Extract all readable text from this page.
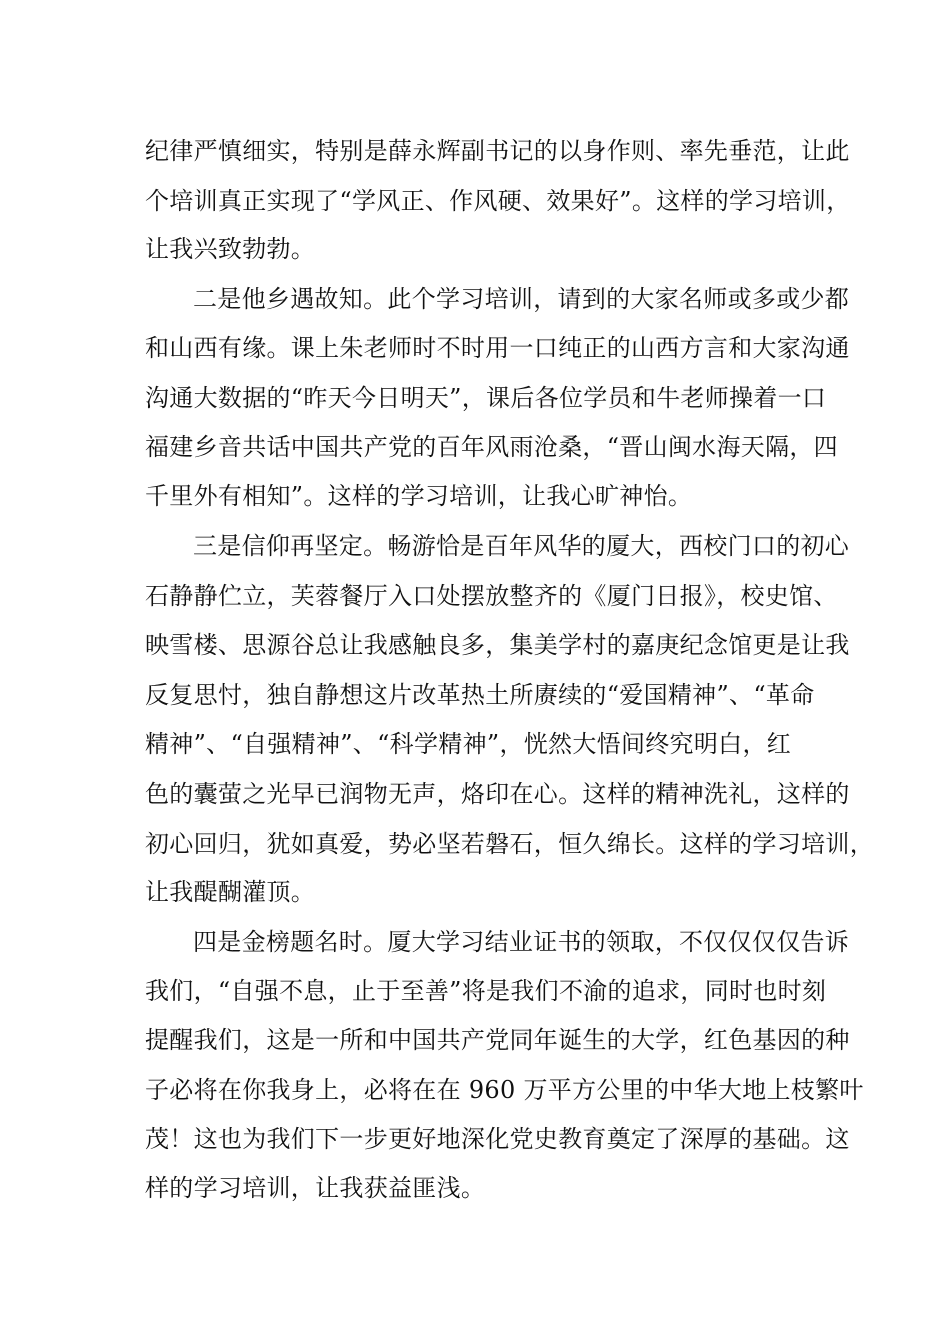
纪律严慎细实，特别是薛永辉副书记的以身作则、率先垂范，让此

个培训真正实现了“学风正、作风硬、效果好”。这样的学习培训，

让我兴致勃勃。

二是他乡遇故知。此个学习培训，请到的大家名师或多或少都

和山西有缘。课上朱老师时不时用一口纯正的山西方言和大家沟通

沟通大数据的“昨天今日明天”，课后各位学员和牛老师操着一口

福建乡音共话中国共产党的百年风雨沧桑，“晋山闽水海天隔，四

千里外有相知”。这样的学习培训，让我心旷神怡。

三是信仰再坚定。畅游恰是百年风华的厦大，西校门口的初心

石静静伫立，芙蓉餐厅入口处摆放整齐的《厦门日报》，校史馆、

映雪楼、思源谷总让我感触良多，集美学村的嘉庚纪念馆更是让我

反复思忖，独自静想这片改革热土所赓续的“爱国精神”、“革命

精神”、“自强精神”、“科学精神”，恍然大悟间终究明白，红

色的囊萤之光早已润物无声，烙印在心。这样的精神洗礼，这样的

初心回归，犹如真爱，势必坚若磐石，恒久绵长。这样的学习培训，

让我醍醐灌顶。

四是金榜题名时。厦大学习结业证书的领取，不仅仅仅仅告诉

我们，“自强不息，止于至善”将是我们不渝的追求，同时也时刻

提醒我们，这是一所和中国共产党同年诞生的大学，红色基因的种

子必将在你我身上，必将在在 960 万平方公里的中华大地上枝繁叶

茂！这也为我们下一步更好地深化党史教育奠定了深厚的基础。这

样的学习培训，让我获益匪浅。
